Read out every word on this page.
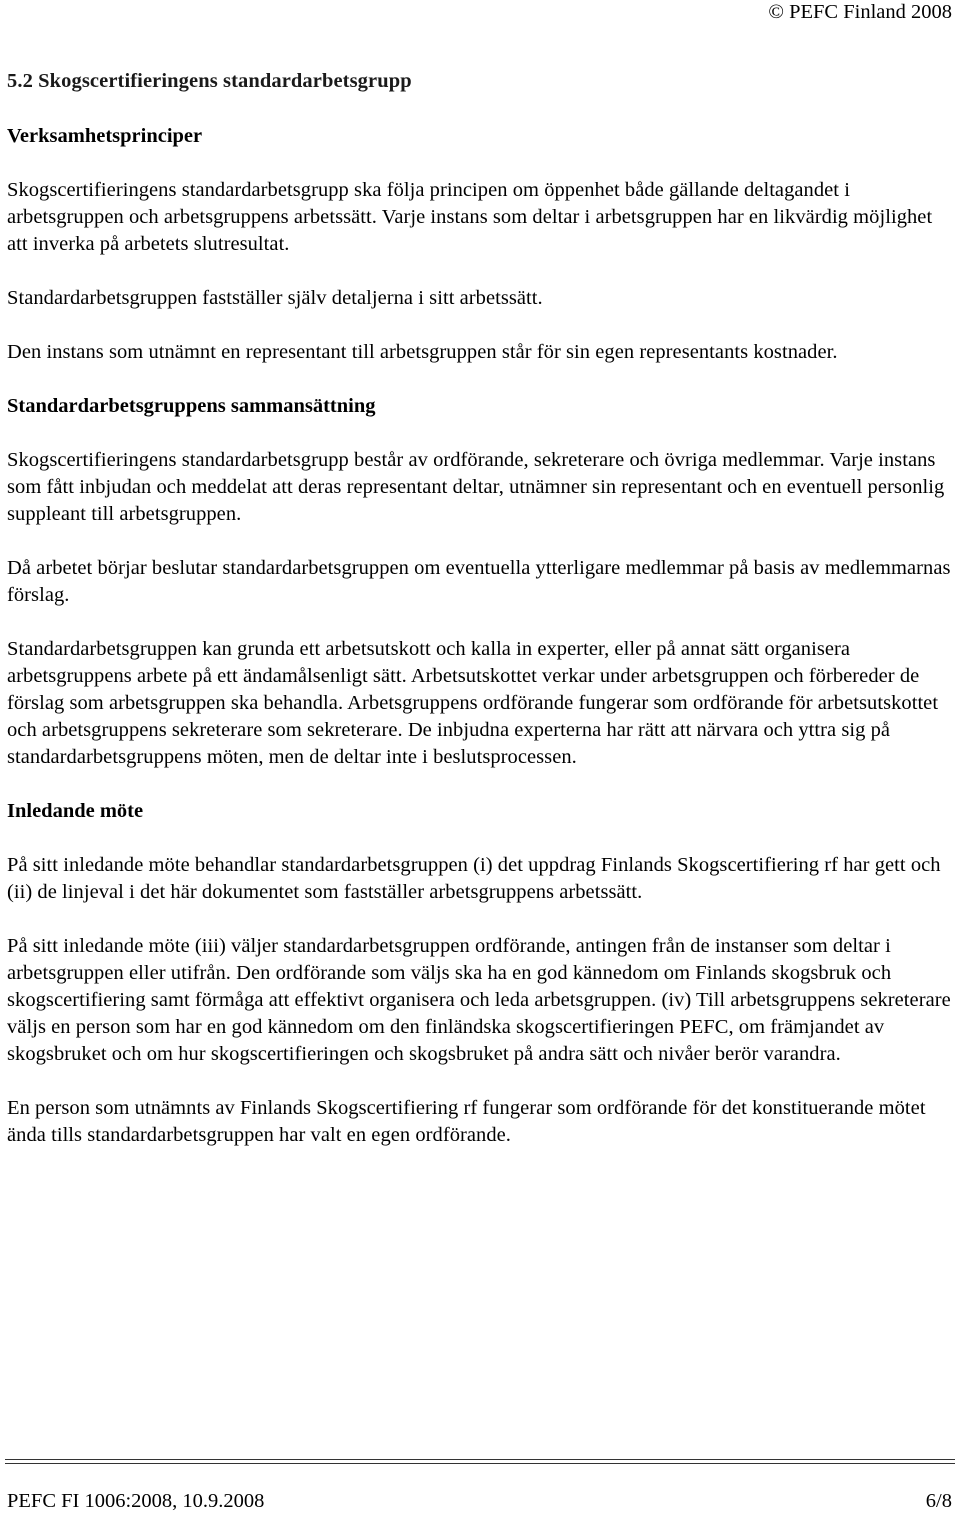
© PEFC Finland 2008
5.2 Skogscertifieringens standardarbetsgrupp
Verksamhetsprinciper

Skogscertifieringens standardarbetsgrupp ska följa principen om öppenhet både gällande deltagandet i arbetsgruppen och arbetsgruppens arbetssätt. Varje instans som deltar i arbetsgruppen har en likvärdig möjlighet att inverka på arbetets slutresultat.

Standardarbetsgruppen fastställer själv detaljerna i sitt arbetssätt.

Den instans som utnämnt en representant till arbetsgruppen står för sin egen representants kostnader.

Standardarbetsgruppens sammansättning

Skogscertifieringens standardarbetsgrupp består av ordförande, sekreterare och övriga medlemmar. Varje instans som fått inbjudan och meddelat att deras representant deltar, utnämner sin representant och en eventuell personlig suppleant till arbetsgruppen.

Då arbetet börjar beslutar standardarbetsgruppen om eventuella ytterligare medlemmar på basis av medlemmarnas förslag.

Standardarbetsgruppen kan grunda ett arbetsutskott och kalla in experter, eller på annat sätt organisera arbetsgruppens arbete på ett ändamålsenligt sätt. Arbetsutskottet verkar under arbetsgruppen och förbereder de förslag som arbetsgruppen ska behandla. Arbetsgruppens ordförande fungerar som ordförande för arbetsutskottet och arbetsgruppens sekreterare som sekreterare. De inbjudna experterna har rätt att närvara och yttra sig på standardarbetsgruppens möten, men de deltar inte i beslutsprocessen.

Inledande möte

På sitt inledande möte behandlar standardarbetsgruppen (i) det uppdrag Finlands Skogscertifiering rf har gett och (ii) de linjeval i det här dokumentet som fastställer arbetsgruppens arbetssätt.

På sitt inledande möte (iii) väljer standardarbetsgruppen ordförande, antingen från de instanser som deltar i arbetsgruppen eller utifrån. Den ordförande som väljs ska ha en god kännedom om Finlands skogsbruk och skogscertifiering samt förmåga att effektivt organisera och leda arbetsgruppen. (iv) Till arbetsgruppens sekreterare väljs en person som har en god kännedom om den finländska skogscertifieringen PEFC, om främjandet av skogsbruket och om hur skogscertifieringen och skogsbruket på andra sätt och nivåer berör varandra.

En person som utnämnts av Finlands Skogscertifiering rf fungerar som ordförande för det konstituerande mötet ända tills standardarbetsgruppen har valt en egen ordförande.

PEFC FI 1006:2008, 10.9.2008	6/8
